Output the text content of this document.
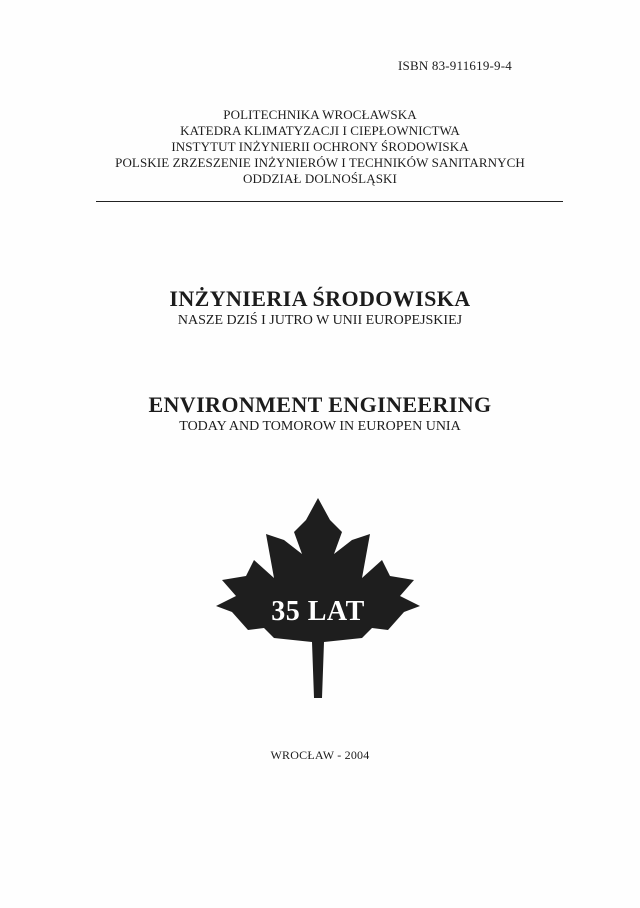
ISBN 83-911619-9-4
POLITECHNIKA WROCŁAWSKA
KATEDRA KLIMATYZACJI I CIEPŁOWNICTWA
INSTYTUT INŻYNIERII OCHRONY ŚRODOWISKA
POLSKIE ZRZESZENIE INŻYNIERÓW I TECHNIKÓW SANITARNYCH
ODDZIAŁ DOLNOŚLĄSKI
INŻYNIERIA ŚRODOWISKA
NASZE DZIŚ I JUTRO W UNII EUROPEJSKIEJ
ENVIRONMENT ENGINEERING
TODAY AND TOMOROW IN EUROPEN UNIA
35 LAT
WROCŁAW - 2004
